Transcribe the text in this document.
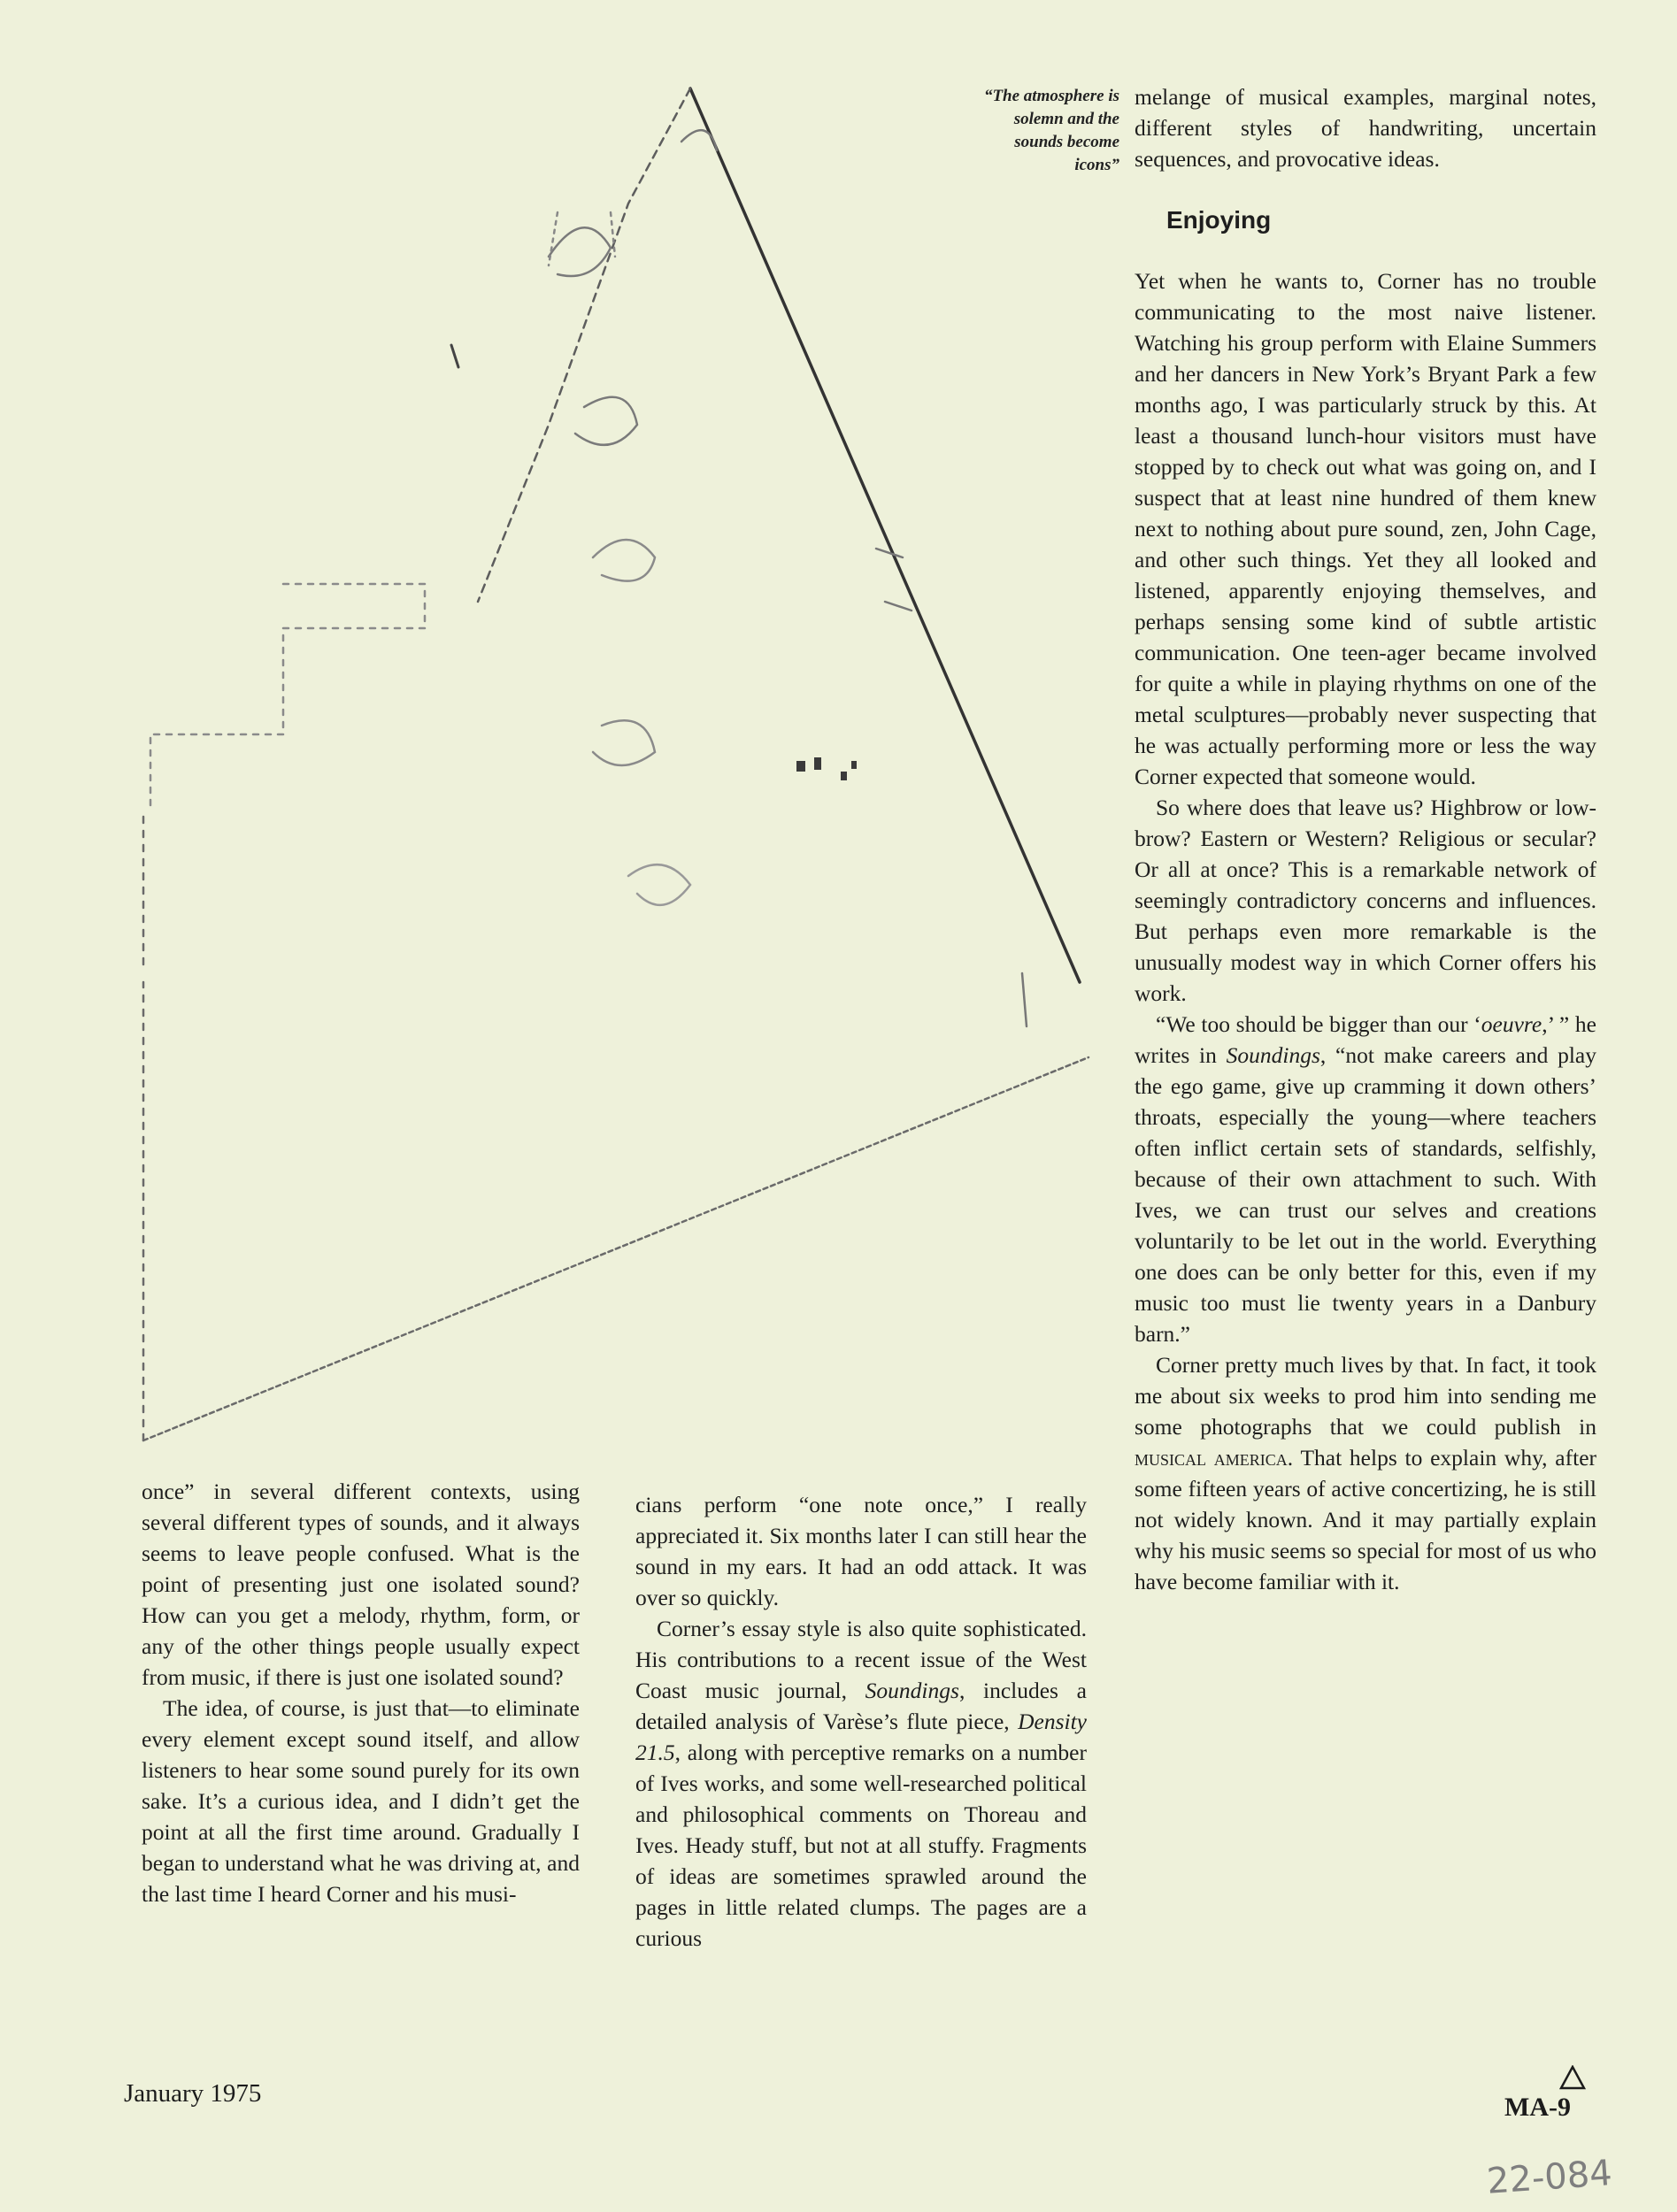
“The atmosphere is
solemn and the
sounds become
icons”

once” in several different contexts, using several different types of sounds, and it always seems to leave people confused. What is the point of presenting just one isolated sound? How can you get a melody, rhythm, form, or any of the other things people usually expect from music, if there is just one isolated sound?

The idea, of course, is just that—to eliminate every element except sound itself, and allow listeners to hear some sound purely for its own sake. It’s a curious idea, and I didn’t get the point at all the first time around. Gradually I began to understand what he was driving at, and the last time I heard Corner and his musi-

cians perform “one note once,” I really appreciated it. Six months later I can still hear the sound in my ears. It had an odd attack. It was over so quickly.

Corner’s essay style is also quite sophisticated. His contributions to a recent issue of the West Coast music journal, Soundings, includes a detailed analysis of Varèse’s flute piece, Density 21.5, along with perceptive remarks on a number of Ives works, and some well-researched political and philosophical comments on Thoreau and Ives. Heady stuff, but not at all stuffy. Fragments of ideas are sometimes sprawled around the pages in little related clumps. The pages are a curious

melange of musical examples, marginal notes, different styles of handwriting, uncertain sequences, and provocative ideas.

Enjoying

Yet when he wants to, Corner has no trouble communicating to the most naive listener. Watching his group perform with Elaine Summers and her dancers in New York’s Bryant Park a few months ago, I was particularly struck by this. At least a thousand lunch-hour visitors must have stopped by to check out what was going on, and I suspect that at least nine hundred of them knew next to nothing about pure sound, zen, John Cage, and other such things. Yet they all looked and listened, apparently enjoying themselves, and perhaps sensing some kind of subtle artistic communication. One teen-ager became involved for quite a while in playing rhythms on one of the metal sculptures—probably never suspecting that he was actually performing more or less the way Corner expected that someone would.

So where does that leave us? Highbrow or low-brow? Eastern or Western? Religious or secular? Or all at once? This is a remarkable network of seemingly contradictory concerns and influences. But perhaps even more remarkable is the unusually modest way in which Corner offers his work.

“We too should be bigger than our ‘oeuvre,’ ” he writes in Soundings, “not make careers and play the ego game, give up cramming it down others’ throats, especially the young—where teachers often inflict certain sets of standards, selfishly, because of their own attachment to such. With Ives, we can trust our selves and creations voluntarily to be let out in the world. Everything one does can be only better for this, even if my music too must lie twenty years in a Danbury barn.”

Corner pretty much lives by that. In fact, it took me about six weeks to prod him into sending me some photographs that we could publish in musical america. That helps to explain why, after some fifteen years of active concertizing, he is still not widely known. And it may partially explain why his music seems so special for most of us who have become familiar with it.

January 1975	MA-9
22-084
